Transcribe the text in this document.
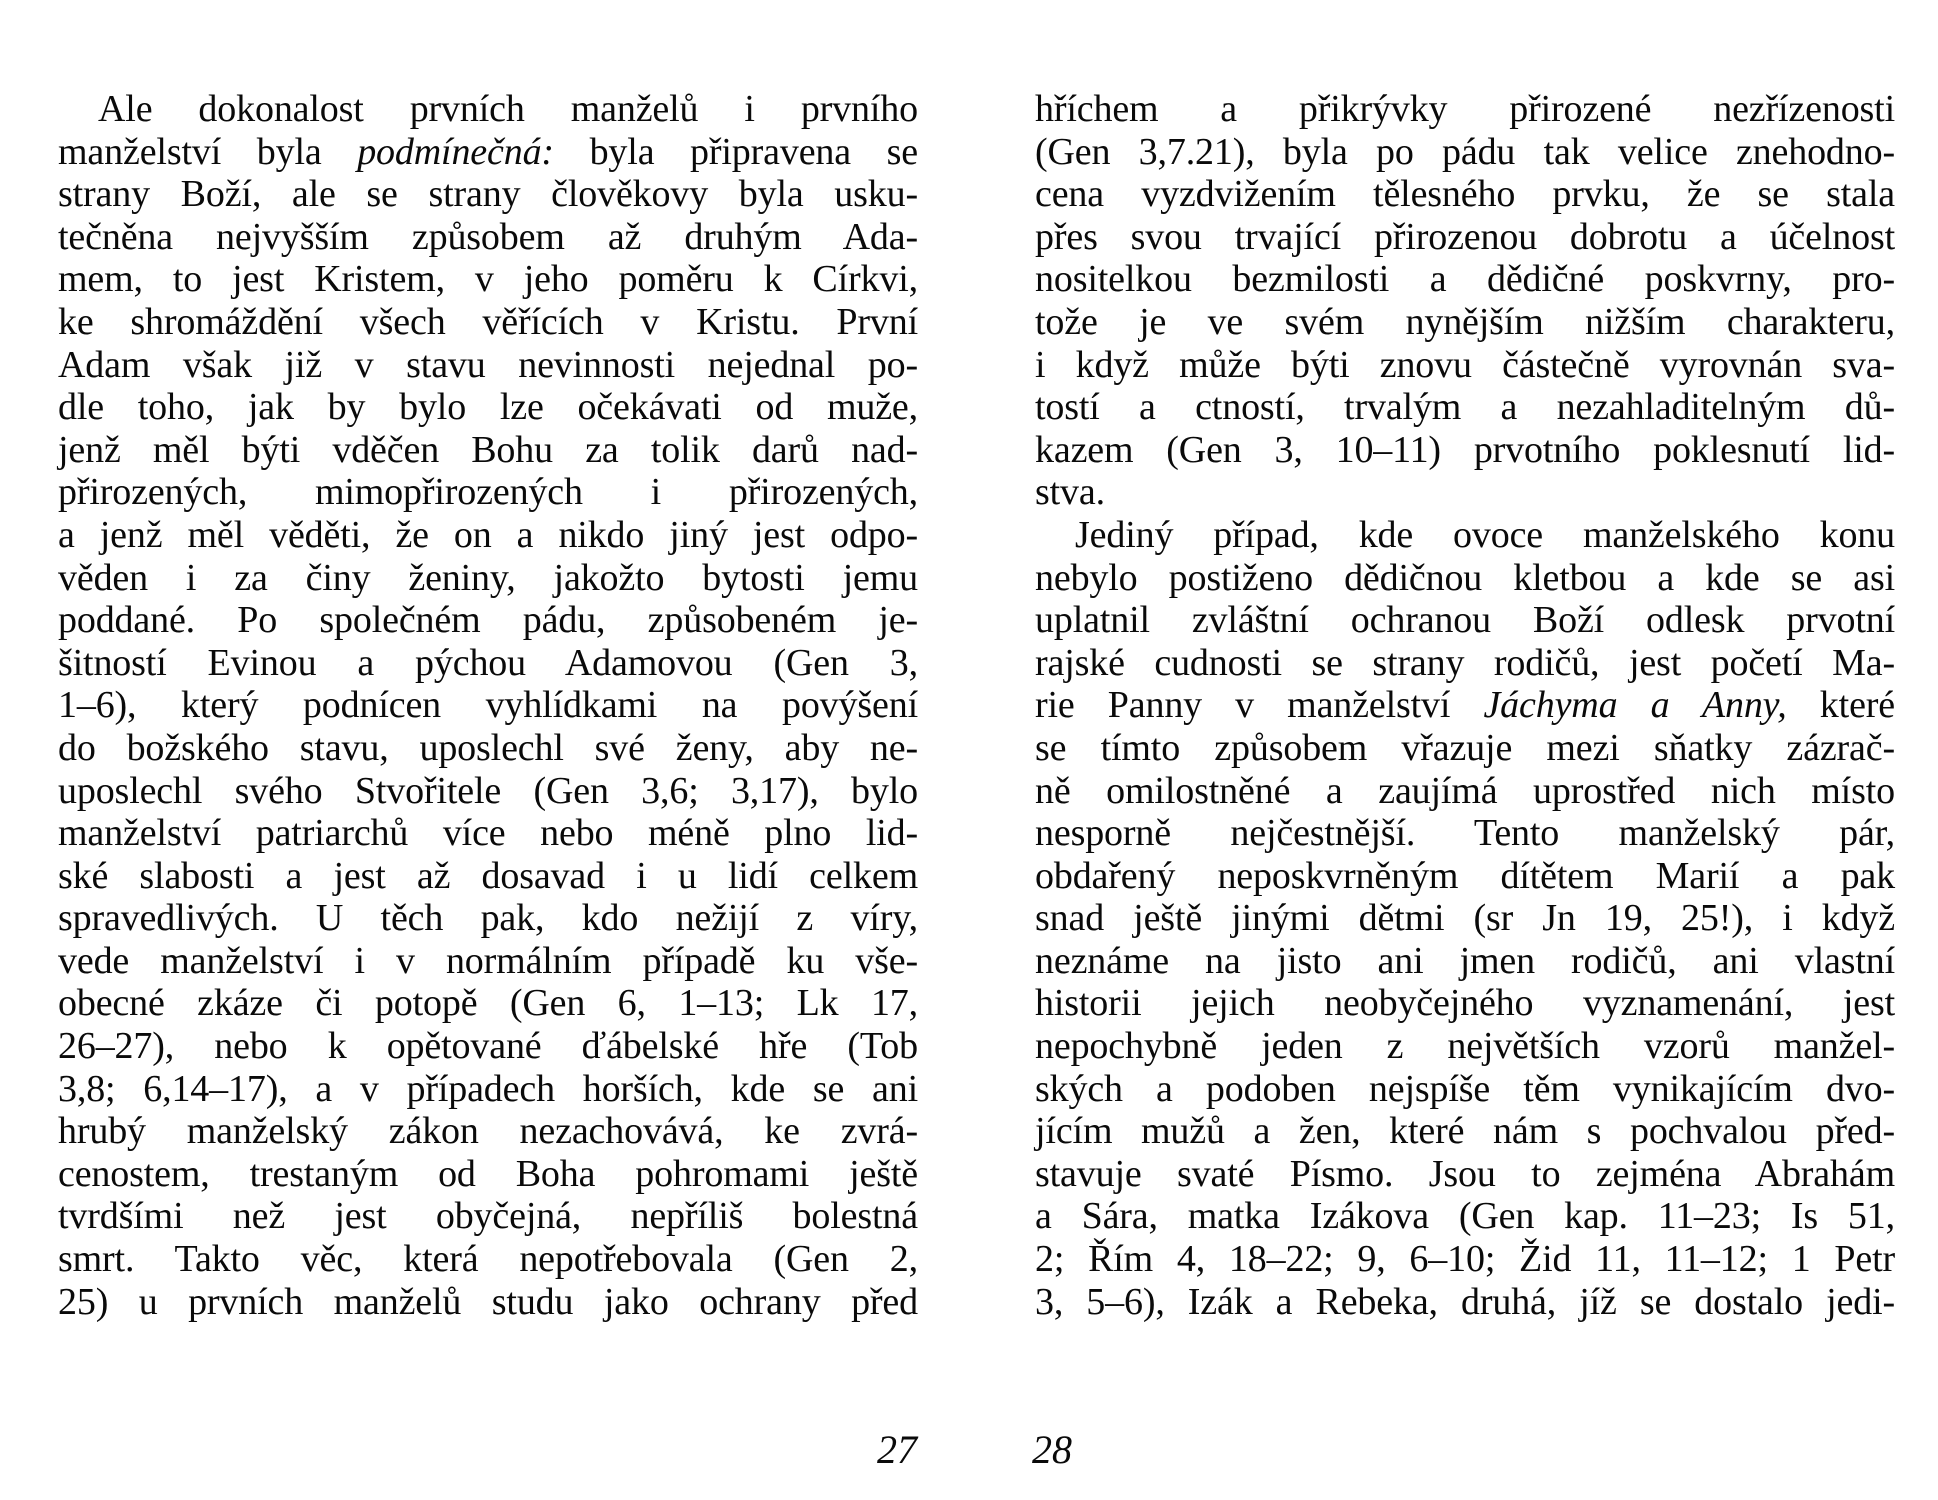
Ale dokonalost prvních manželů i prvního
manželství byla podmínečná: byla připravena se
strany Boží, ale se strany člověkovy byla usku-
tečněna nejvyšším způsobem až druhým Ada-
mem, to jest Kristem, v jeho poměru k Církvi,
ke shromáždění všech věřících v Kristu. První
Adam však již v stavu nevinnosti nejednal po-
dle toho, jak by bylo lze očekávati od muže,
jenž měl býti vděčen Bohu za tolik darů nad-
přirozených, mimopřirozených i přirozených,
a jenž měl věděti, že on a nikdo jiný jest odpo-
věden i za činy ženiny, jakožto bytosti jemu
poddané. Po společném pádu, způsobeném je-
šitností Evinou a pýchou Adamovou (Gen 3,
1–6), který podnícen vyhlídkami na povýšení
do božského stavu, uposlechl své ženy, aby ne-
uposlechl svého Stvořitele (Gen 3,6; 3,17), bylo
manželství patriarchů více nebo méně plno lid-
ské slabosti a jest až dosavad i u lidí celkem
spravedlivých. U těch pak, kdo nežijí z víry,
vede manželství i v normálním případě ku vše-
obecné zkáze či potopě (Gen 6, 1–13; Lk 17,
26–27), nebo k opětované ďábelské hře (Tob
3,8; 6,14–17), a v případech horších, kde se ani
hrubý manželský zákon nezachovává, ke zvrá-
cenostem, trestaným od Boha pohromami ještě
tvrdšími než jest obyčejná, nepříliš bolestná
smrt. Takto věc, která nepotřebovala (Gen 2,
25) u prvních manželů studu jako ochrany před
hříchem a přikrývky přirozené nezřízenosti
(Gen 3,7.21), byla po pádu tak velice znehodno-
cena vyzdvižením tělesného prvku, že se stala
přes svou trvající přirozenou dobrotu a účelnost
nositelkou bezmilosti a dědičné poskvrny, pro-
tože je ve svém nynějším nižším charakteru,
i když může býti znovu částečně vyrovnán sva-
tostí a ctností, trvalým a nezahladitelným dů-
kazem (Gen 3, 10–11) prvotního poklesnutí lid-
stva.
Jediný případ, kde ovoce manželského konu
nebylo postiženo dědičnou kletbou a kde se asi
uplatnil zvláštní ochranou Boží odlesk prvotní
rajské cudnosti se strany rodičů, jest početí Ma-
rie Panny v manželství Jáchyma a Anny, které
se tímto způsobem vřazuje mezi sňatky zázrač-
ně omilostněné a zaujímá uprostřed nich místo
nesporně nejčestnější. Tento manželský pár,
obdařený neposkvrněným dítětem Marií a pak
snad ještě jinými dětmi (sr Jn 19, 25!), i když
neznáme na jisto ani jmen rodičů, ani vlastní
historii jejich neobyčejného vyznamenání, jest
nepochybně jeden z největších vzorů manžel-
ských a podoben nejspíše těm vynikajícím dvo-
jícím mužů a žen, které nám s pochvalou před-
stavuje svaté Písmo. Jsou to zejména Abrahám
a Sára, matka Izákova (Gen kap. 11–23; Is 51,
2; Řím 4, 18–22; 9, 6–10; Žid 11, 11–12; 1 Petr
3, 5–6), Izák a Rebeka, druhá, jíž se dostalo jedi-
27	28
